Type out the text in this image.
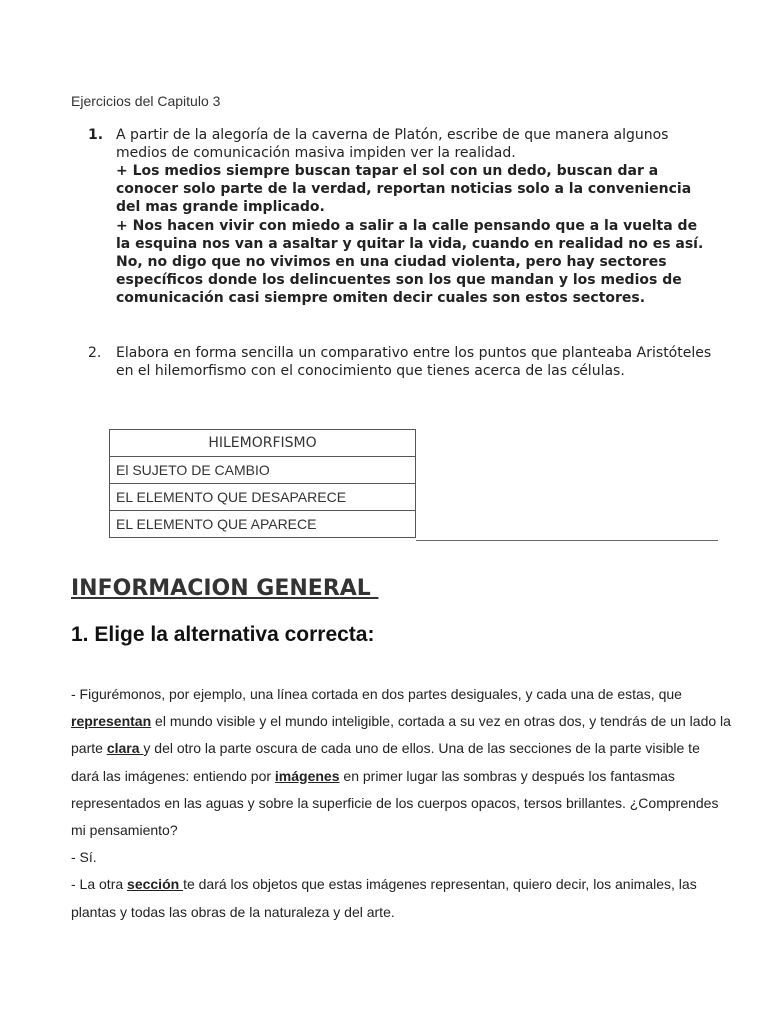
Ejercicios del Capitulo 3
1. A partir de la alegoría de la caverna de Platón, escribe de que manera algunos medios de comunicación masiva impiden ver la realidad.
+ Los medios siempre buscan tapar el sol con un dedo, buscan dar a conocer solo parte de la verdad, reportan noticias solo a la conveniencia del mas grande implicado.
+ Nos hacen vivir con miedo a salir a la calle pensando que a la vuelta de la esquina nos van a asaltar y quitar la vida, cuando en realidad no es así. No, no digo que no vivimos en una ciudad violenta, pero hay sectores específicos donde los delincuentes son los que mandan y los medios de comunicación casi siempre omiten decir cuales son estos sectores.
2. Elabora en forma sencilla un comparativo entre los puntos que planteaba Aristóteles en el hilemorfismo con el conocimiento que tienes acerca de las células.
HILEMORFISMO
El SUJETO DE CAMBIO
EL ELEMENTO QUE DESAPARECE
EL ELEMENTO QUE APARECE
INFORMACION GENERAL
1. Elige la alternativa correcta:
- Figurémonos, por ejemplo, una línea cortada en dos partes desiguales, y cada una de estas, que representan el mundo visible y el mundo inteligible, cortada a su vez en otras dos, y tendrás de un lado la parte clara y del otro la parte oscura de cada uno de ellos. Una de las secciones de la parte visible te dará las imágenes: entiendo por imágenes en primer lugar las sombras y después los fantasmas representados en las aguas y sobre la superficie de los cuerpos opacos, tersos brillantes. ¿Comprendes mi pensamiento?
- Sí.
- La otra sección te dará los objetos que estas imágenes representan, quiero decir, los animales, las plantas y todas las obras de la naturaleza y del arte.
